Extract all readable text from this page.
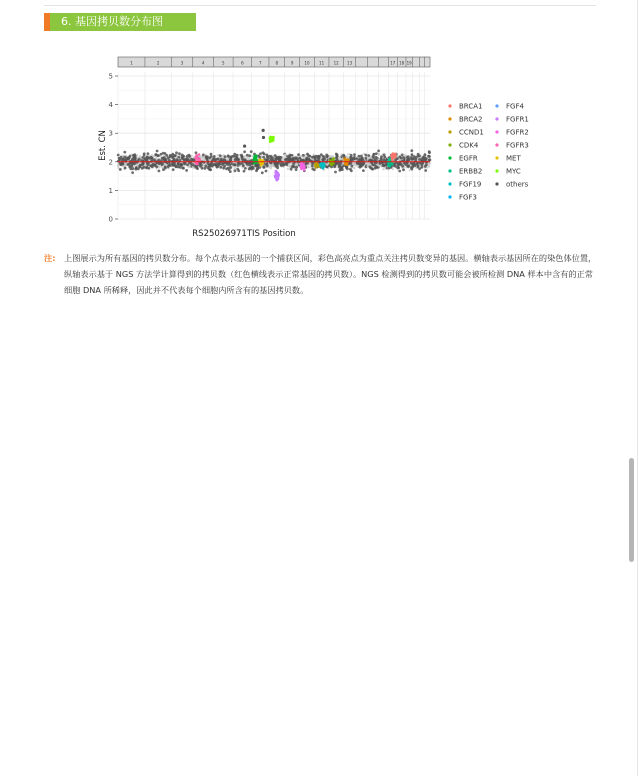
6. 基因拷贝数分布图
1	2	3	4	5	6	7	8	9	10 11 12 13	17 18 19
0
1
2
3
4
5
Est. CN
RS25026971TIS Position
BRCA1
BRCA2
CCND1
CDK4
EGFR
ERBB2
FGF19
FGF3
FGF4
FGFR1
FGFR2
FGFR3
MET
MYC
others
注: 上图展示为所有基因的拷贝数分布。每个点表示基因的一个捕获区间，彩色高亮点为重点关注拷贝数变异的基因。横轴表示基因所在的染色体位置，纵轴表示基于 NGS 方法学计算得到的拷贝数（红色横线表示正常基因的拷贝数）。NGS 检测得到的拷贝数可能会被所检测 DNA 样本中含有的正常细胞 DNA 所稀释，因此并不代表每个细胞内所含有的基因拷贝数。
